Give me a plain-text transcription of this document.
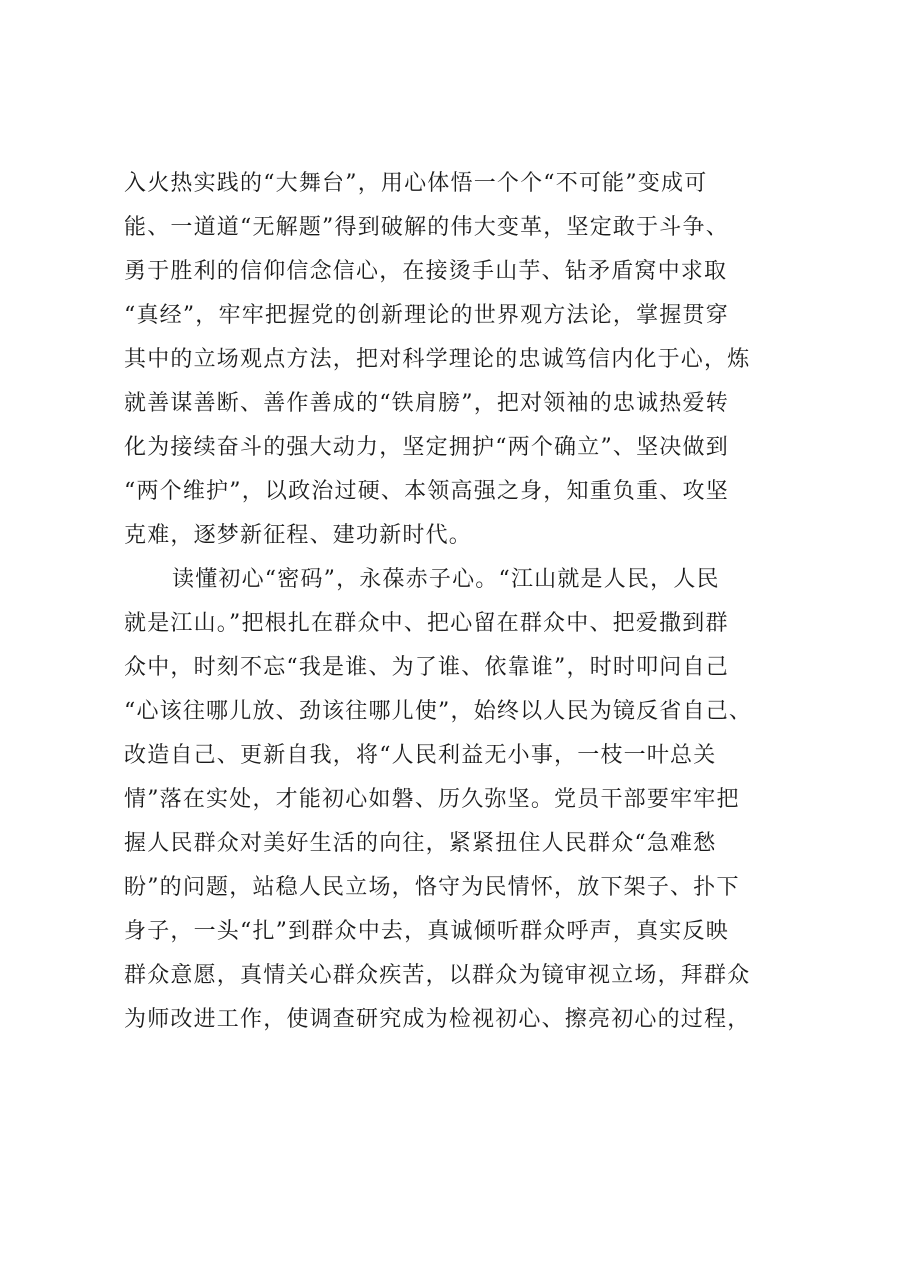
入火热实践的“大舞台”，用心体悟一个个“不可能”变成可
能、一道道“无解题”得到破解的伟大变革，坚定敢于斗争、
勇于胜利的信仰信念信心，在接烫手山芋、钻矛盾窝中求取
“真经”，牢牢把握党的创新理论的世界观方法论，掌握贯穿
其中的立场观点方法，把对科学理论的忠诚笃信内化于心，炼
就善谋善断、善作善成的“铁肩膀”，把对领袖的忠诚热爱转
化为接续奋斗的强大动力，坚定拥护“两个确立”、坚决做到
“两个维护”，以政治过硬、本领高强之身，知重负重、攻坚
克难，逐梦新征程、建功新时代。
读懂初心“密码”，永葆赤子心。“江山就是人民，人民
就是江山。”把根扎在群众中、把心留在群众中、把爱撒到群
众中，时刻不忘“我是谁、为了谁、依靠谁”，时时叩问自己
“心该往哪儿放、劲该往哪儿使”，始终以人民为镜反省自己、
改造自己、更新自我，将“人民利益无小事，一枝一叶总关
情”落在实处，才能初心如磐、历久弥坚。党员干部要牢牢把
握人民群众对美好生活的向往，紧紧扭住人民群众“急难愁
盼”的问题，站稳人民立场，恪守为民情怀，放下架子、扑下
身子，一头“扎”到群众中去，真诚倾听群众呼声，真实反映
群众意愿，真情关心群众疾苦，以群众为镜审视立场，拜群众
为师改进工作，使调查研究成为检视初心、擦亮初心的过程，
